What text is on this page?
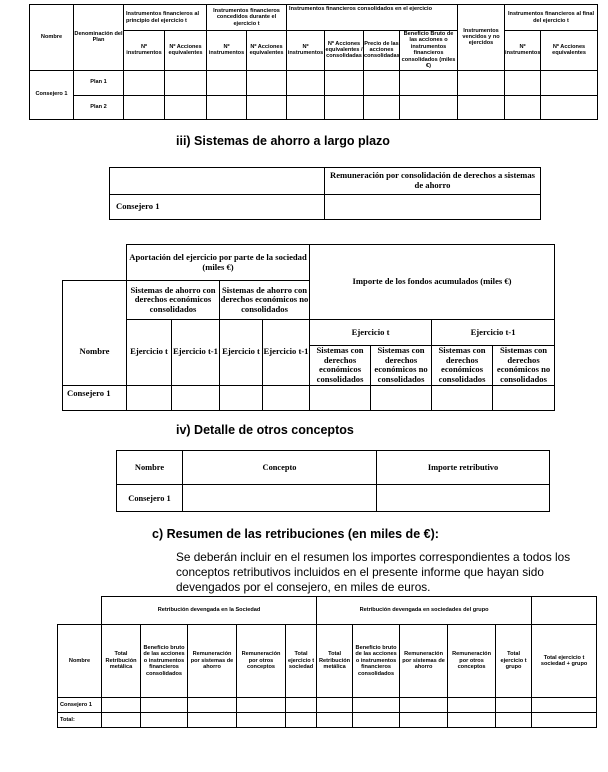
Nombre	Denominación del Plan	Instrumentos financieros al principio del ejercicio t		Instrumentos financieros concedidos durante el ejercicio t		Instrumentos financieros consolidados en el ejercicio				Instrumentos vencidos y no ejercidos	Instrumentos financieros al final del ejercicio t	
		Nº instrumentos	Nº Acciones equivalentes	Nº instrumentos	Nº Acciones equivalentes	Nº instrumentos	Nº Acciones equivalentes / consolidadas	Precio de las acciones consolidadas	Beneficio Bruto de las acciones o instrumentos financieros consolidados (miles €)		Nº instrumentos	Nº Acciones equivalentes
Consejero 1	Plan 1											
	Plan 2											
iii) Sistemas de ahorro a largo plazo
	Remuneración por consolidación de derechos a sistemas de ahorro
Consejero 1	
	Aportación del ejercicio por parte de la sociedad (miles €)				Importe de los fondos acumulados (miles €)			
	Sistemas de ahorro con derechos económicos consolidados		Sistemas de ahorro con derechos económicos no consolidados					

Nombre	Ejercicio t	Ejercicio t-1	Ejercicio t	Ejercicio t-1	Ejercicio t		Ejercicio t-1	
					Sistemas con derechos económicos consolidados	Sistemas con derechos económicos no consolidados	Sistemas con derechos económicos consolidados	Sistemas con derechos económicos no consolidados
Consejero 1								
iv) Detalle de otros conceptos
Nombre	Concepto	Importe retributivo
Consejero 1		
c) Resumen de las retribuciones (en miles de €):
Se deberán incluir en el resumen los importes correspondientes a todos los conceptos retributivos incluidos en el presente informe que hayan sido devengados por el consejero, en miles de euros.
	Retribución devengada en la Sociedad					Retribución devengada en sociedades del grupo					
Nombre	Total Retribución metálica	Beneficio bruto de las acciones o instrumentos financieros consolidados	Remuneración por sistemas de ahorro	Remuneración por otros conceptos	Total ejercicio t sociedad	Total Retribución metálica	Beneficio bruto de las acciones o instrumentos financieros consolidados	Remuneración por sistemas de ahorro	Remuneración por otros conceptos	Total ejercicio t grupo	Total ejercicio t sociedad + grupo
Consejero 1											
Total:											
